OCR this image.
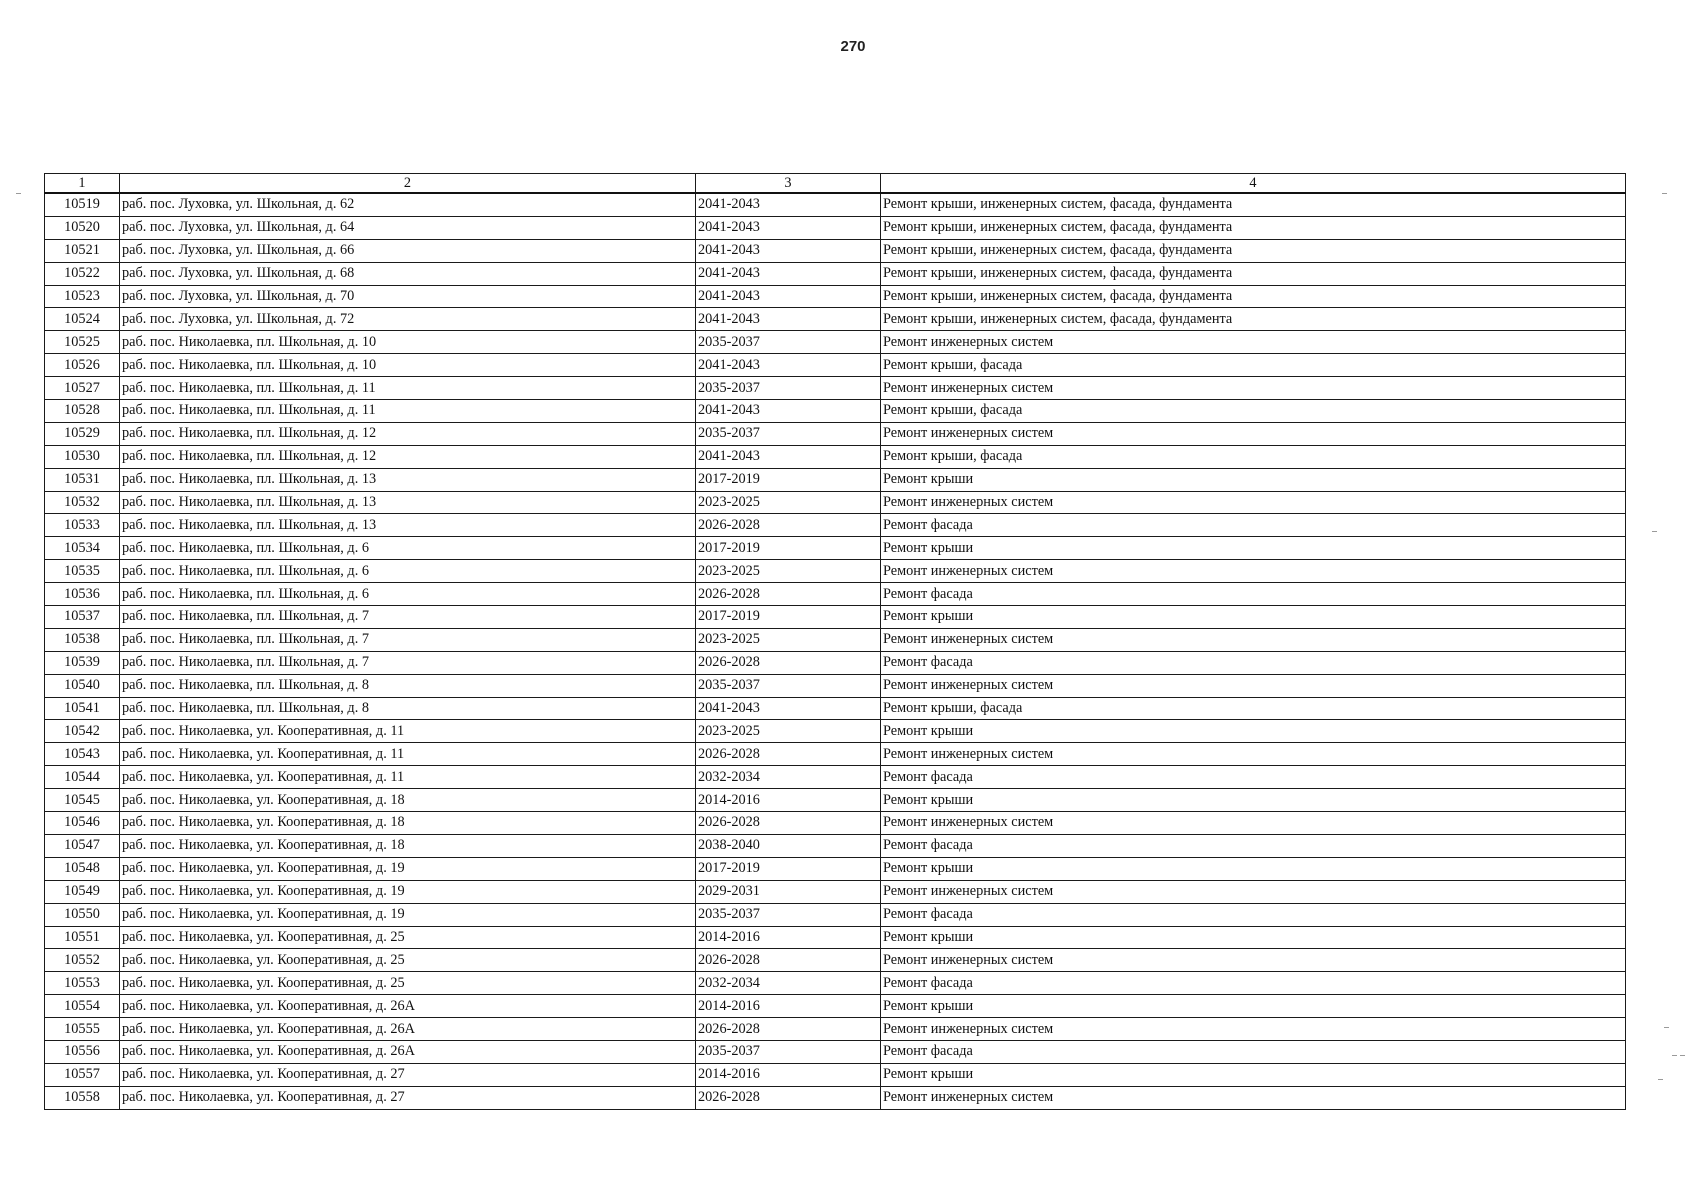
270
1	2	3	4
10519	раб. пос. Луховка, ул. Школьная, д. 62	2041-2043	Ремонт крыши, инженерных систем, фасада, фундамента
10520	раб. пос. Луховка, ул. Школьная, д. 64	2041-2043	Ремонт крыши, инженерных систем, фасада, фундамента
10521	раб. пос. Луховка, ул. Школьная, д. 66	2041-2043	Ремонт крыши, инженерных систем, фасада, фундамента
10522	раб. пос. Луховка, ул. Школьная, д. 68	2041-2043	Ремонт крыши, инженерных систем, фасада, фундамента
10523	раб. пос. Луховка, ул. Школьная, д. 70	2041-2043	Ремонт крыши, инженерных систем, фасада, фундамента
10524	раб. пос. Луховка, ул. Школьная, д. 72	2041-2043	Ремонт крыши, инженерных систем, фасада, фундамента
10525	раб. пос. Николаевка, пл. Школьная, д. 10	2035-2037	Ремонт инженерных систем
10526	раб. пос. Николаевка, пл. Школьная, д. 10	2041-2043	Ремонт крыши, фасада
10527	раб. пос. Николаевка, пл. Школьная, д. 11	2035-2037	Ремонт инженерных систем
10528	раб. пос. Николаевка, пл. Школьная, д. 11	2041-2043	Ремонт крыши, фасада
10529	раб. пос. Николаевка, пл. Школьная, д. 12	2035-2037	Ремонт инженерных систем
10530	раб. пос. Николаевка, пл. Школьная, д. 12	2041-2043	Ремонт крыши, фасада
10531	раб. пос. Николаевка, пл. Школьная, д. 13	2017-2019	Ремонт крыши
10532	раб. пос. Николаевка, пл. Школьная, д. 13	2023-2025	Ремонт инженерных систем
10533	раб. пос. Николаевка, пл. Школьная, д. 13	2026-2028	Ремонт фасада
10534	раб. пос. Николаевка, пл. Школьная, д. 6	2017-2019	Ремонт крыши
10535	раб. пос. Николаевка, пл. Школьная, д. 6	2023-2025	Ремонт инженерных систем
10536	раб. пос. Николаевка, пл. Школьная, д. 6	2026-2028	Ремонт фасада
10537	раб. пос. Николаевка, пл. Школьная, д. 7	2017-2019	Ремонт крыши
10538	раб. пос. Николаевка, пл. Школьная, д. 7	2023-2025	Ремонт инженерных систем
10539	раб. пос. Николаевка, пл. Школьная, д. 7	2026-2028	Ремонт фасада
10540	раб. пос. Николаевка, пл. Школьная, д. 8	2035-2037	Ремонт инженерных систем
10541	раб. пос. Николаевка, пл. Школьная, д. 8	2041-2043	Ремонт крыши, фасада
10542	раб. пос. Николаевка, ул. Кооперативная, д. 11	2023-2025	Ремонт крыши
10543	раб. пос. Николаевка, ул. Кооперативная, д. 11	2026-2028	Ремонт инженерных систем
10544	раб. пос. Николаевка, ул. Кооперативная, д. 11	2032-2034	Ремонт фасада
10545	раб. пос. Николаевка, ул. Кооперативная, д. 18	2014-2016	Ремонт крыши
10546	раб. пос. Николаевка, ул. Кооперативная, д. 18	2026-2028	Ремонт инженерных систем
10547	раб. пос. Николаевка, ул. Кооперативная, д. 18	2038-2040	Ремонт фасада
10548	раб. пос. Николаевка, ул. Кооперативная, д. 19	2017-2019	Ремонт крыши
10549	раб. пос. Николаевка, ул. Кооперативная, д. 19	2029-2031	Ремонт инженерных систем
10550	раб. пос. Николаевка, ул. Кооперативная, д. 19	2035-2037	Ремонт фасада
10551	раб. пос. Николаевка, ул. Кооперативная, д. 25	2014-2016	Ремонт крыши
10552	раб. пос. Николаевка, ул. Кооперативная, д. 25	2026-2028	Ремонт инженерных систем
10553	раб. пос. Николаевка, ул. Кооперативная, д. 25	2032-2034	Ремонт фасада
10554	раб. пос. Николаевка, ул. Кооперативная, д. 26А	2014-2016	Ремонт крыши
10555	раб. пос. Николаевка, ул. Кооперативная, д. 26А	2026-2028	Ремонт инженерных систем
10556	раб. пос. Николаевка, ул. Кооперативная, д. 26А	2035-2037	Ремонт фасада
10557	раб. пос. Николаевка, ул. Кооперативная, д. 27	2014-2016	Ремонт крыши
10558	раб. пос. Николаевка, ул. Кооперативная, д. 27	2026-2028	Ремонт инженерных систем
